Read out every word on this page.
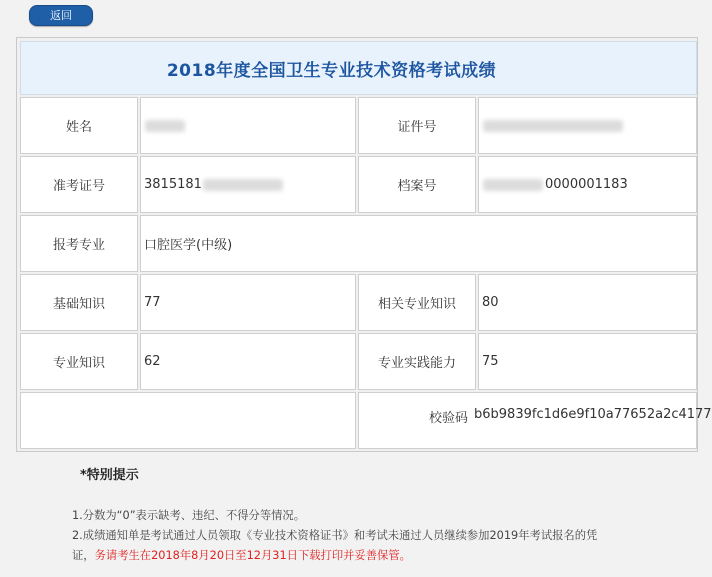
返回
2018年度全国卫生专业技术资格考试成绩
姓名	证件号
准考证号	3815181	档案号	0000001183
报考专业	口腔医学(中级)
基础知识	77	相关专业知识 80
专业知识	62	专业实践能力 75
校验码 b6b9839fc1d6e9f10a77652a2c4177
*特别提示
1.分数为“0”表示缺考、违纪、不得分等情况。
2.成绩通知单是考试通过人员领取《专业技术资格证书》和考试未通过人员继续参加2019年考试报名的凭
证，务请考生在2018年8月20日至12月31日下载打印并妥善保管。
